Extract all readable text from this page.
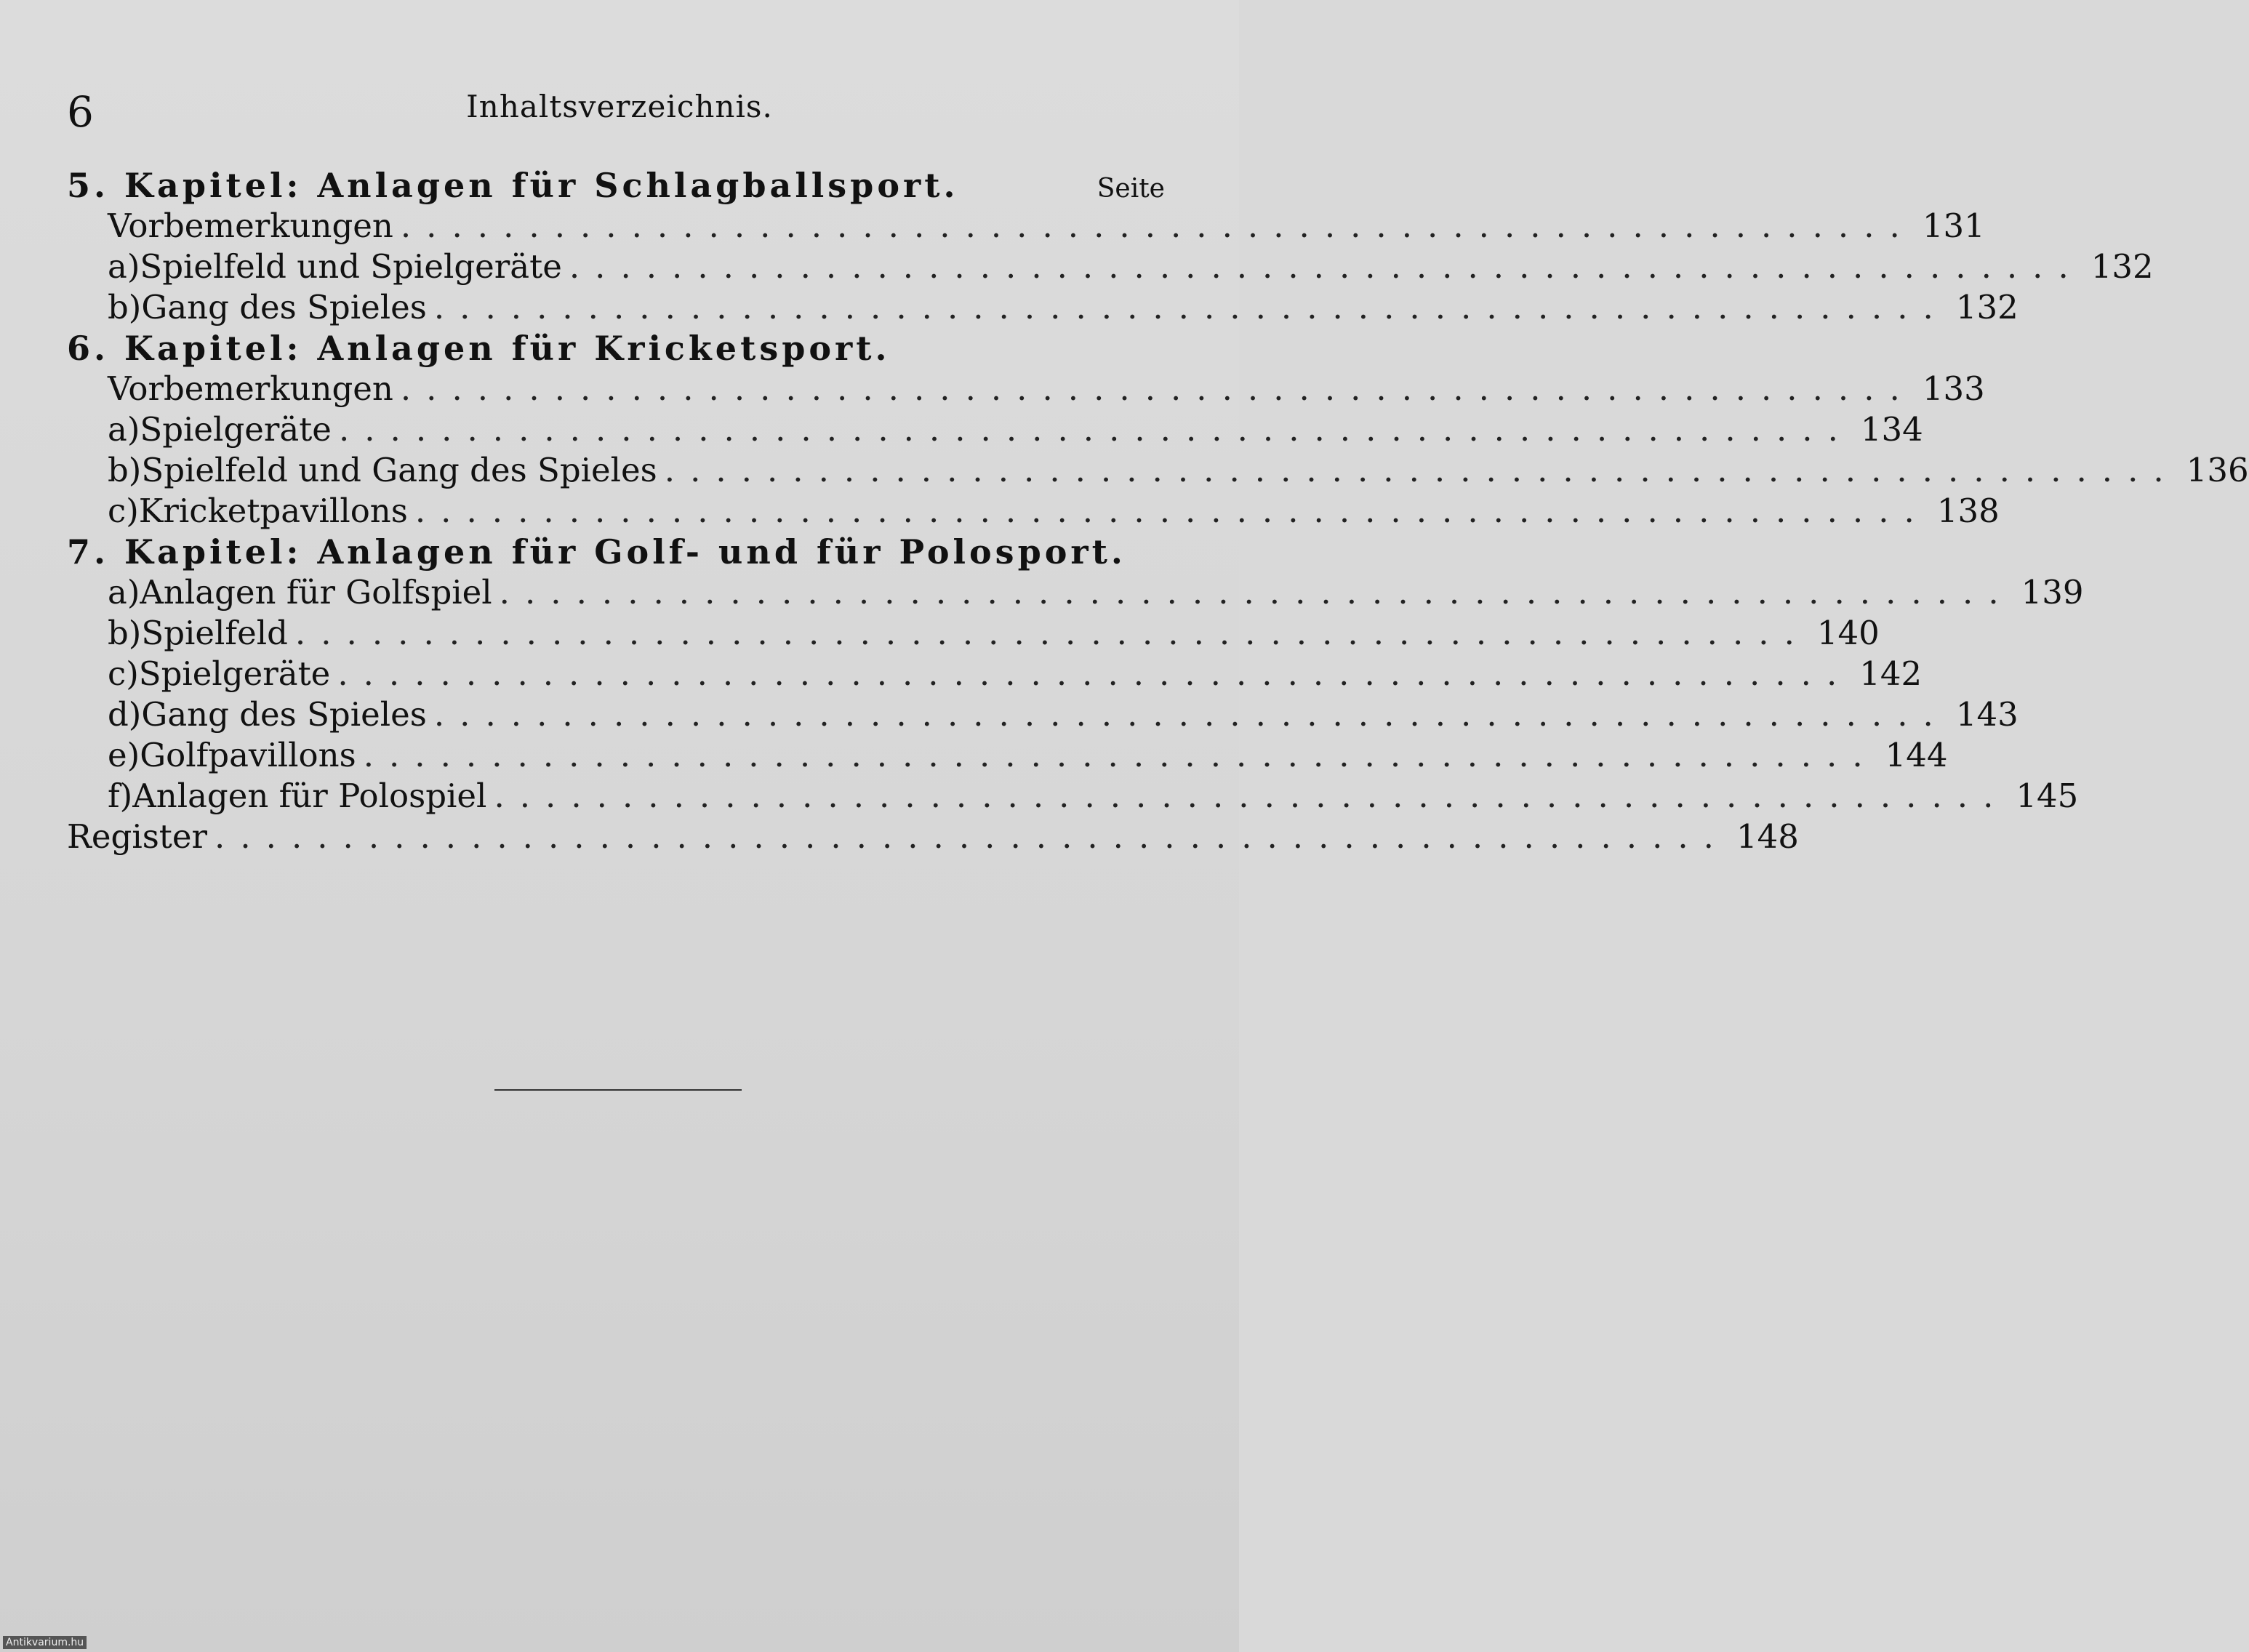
6	Inhaltsverzeichnis.
5. Kapitel: Anlagen für Schlagballsport.	Seite
Vorbemerkungen ........................................................... 131
a) Spielfeld und Spielgeräte ........................................................... 132
b) Gang des Spieles ........................................................... 132
6. Kapitel: Anlagen für Kricketsport.
Vorbemerkungen ........................................................... 133
a) Spielgeräte ........................................................... 134
b) Spielfeld und Gang des Spieles ........................................................... 136
c) Kricketpavillons ........................................................... 138
7. Kapitel: Anlagen für Golf- und für Polosport.
a) Anlagen für Golfspiel ........................................................... 139
b) Spielfeld ........................................................... 140
c) Spielgeräte ........................................................... 142
d) Gang des Spieles ........................................................... 143
e) Golfpavillons ........................................................... 144
f) Anlagen für Polospiel ........................................................... 145
Register ........................................................... 148
Antikvarium.hu
